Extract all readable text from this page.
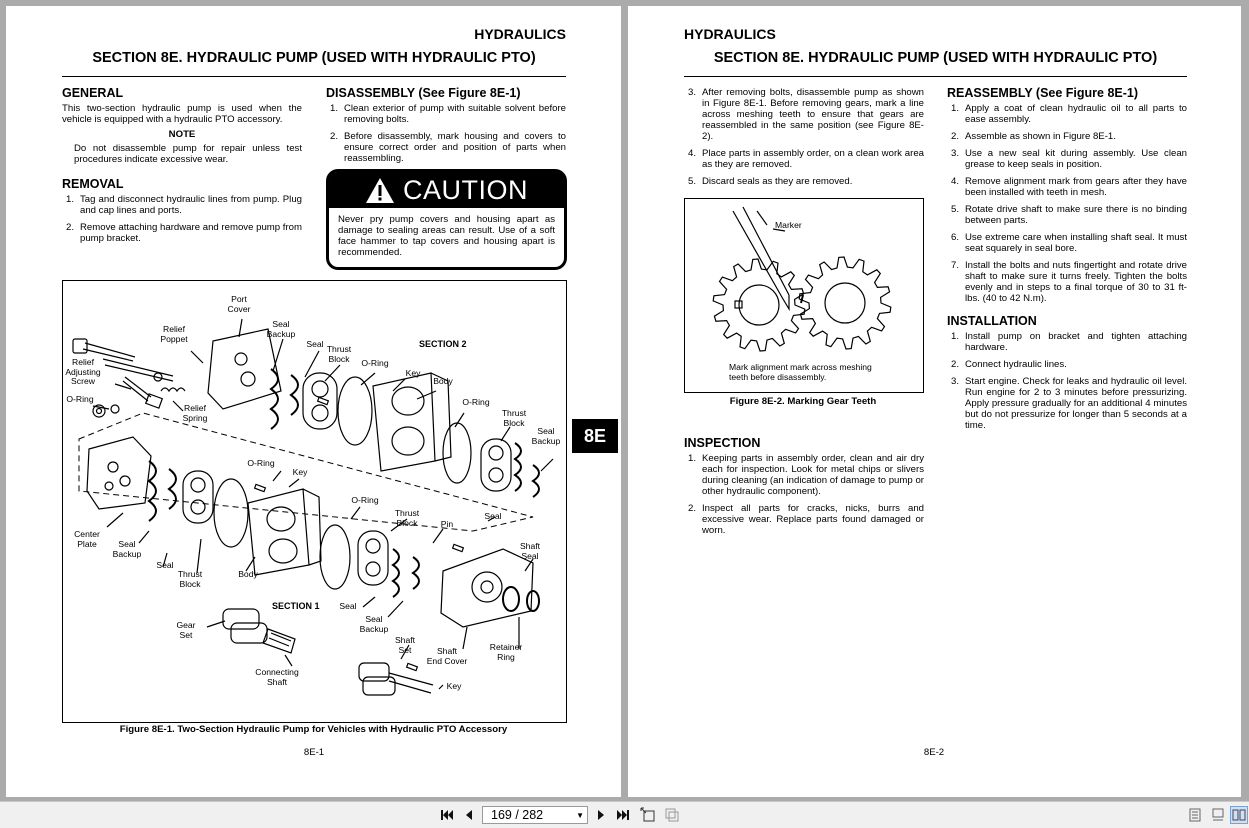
HYDRAULICS
SECTION 8E. HYDRAULIC PUMP (USED WITH HYDRAULIC PTO)
GENERAL
This two-section hydraulic pump is used when the vehicle is equipped with a hydraulic PTO accessory.
NOTE
Do not disassemble pump for repair unless test procedures indicate excessive wear.
REMOVAL
1. Tag and disconnect hydraulic lines from pump. Plug and cap lines and ports.
2. Remove attaching hardware and remove pump from pump bracket.
DISASSEMBLY (See Figure 8E-1)
1. Clean exterior of pump with suitable solvent before removing bolts.
2. Before disassembly, mark housing and covers to ensure correct order and position of parts when reassembling.
CAUTION
Never pry pump covers and housing apart as damage to sealing areas can result. Use of a soft face hammer to tap covers and housing apart is recommended.
Port
Cover
Relief
Poppet
Seal
Backup
Seal Thrust
Block
SECTION 2
Relief
Adjusting
Screw
O-Ring
Key
Body
O-Ring
Relief
Spring
O-Ring
Thrust
Block
Seal
Backup
O-Ring
Key
O-Ring
Thrust
Block
Seal
Pin
Center
Plate	Seal
Backup
Seal
Thrust
Block
Body
Shaft
Seal
SECTION 1 Seal
Seal
Backup
Gear
Set
Shaft
Set	Shaft
End Cover
Retainer
Ring
Connecting
Shaft	Key
Figure 8E-1. Two-Section Hydraulic Pump for Vehicles with Hydraulic PTO Accessory
8E-1
8E
HYDRAULICS
SECTION 8E. HYDRAULIC PUMP (USED WITH HYDRAULIC PTO)
3. After removing bolts, disassemble pump as shown in Figure 8E-1. Before removing gears, mark a line across meshing teeth to ensure that gears are reassembled in the same position (see Figure 8E-2).
4. Place parts in assembly order, on a clean work area as they are removed.
5. Discard seals as they are removed.
Marker
Mark alignment mark across meshing teeth before disassembly.
Figure 8E-2. Marking Gear Teeth
INSPECTION
1. Keeping parts in assembly order, clean and air dry each for inspection. Look for metal chips or slivers during cleaning (an indication of damage to pump or other hydraulic component).
2. Inspect all parts for cracks, nicks, burrs and excessive wear. Replace parts found damaged or worn.
REASSEMBLY (See Figure 8E-1)
1. Apply a coat of clean hydraulic oil to all parts to ease assembly.
2. Assemble as shown in Figure 8E-1.
3. Use a new seal kit during assembly. Use clean grease to keep seals in position.
4. Remove alignment mark from gears after they have been installed with teeth in mesh.
5. Rotate drive shaft to make sure there is no binding between parts.
6. Use extreme care when installing shaft seal. It must seat squarely in seal bore.
7. Install the bolts and nuts fingertight and rotate drive shaft to make sure it turns freely. Tighten the bolts evenly and in steps to a final torque of 30 to 31 ft-lbs. (40 to 42 N.m).
INSTALLATION
1. Install pump on bracket and tighten attaching hardware.
2. Connect hydraulic lines.
3. Start engine. Check for leaks and hydraulic oil level. Run engine for 2 to 3 minutes before pressurizing. Apply pressure gradually for an additional 4 minutes but do not pressurize for longer than 5 seconds at a time.
8E-2
169 / 282	▼
